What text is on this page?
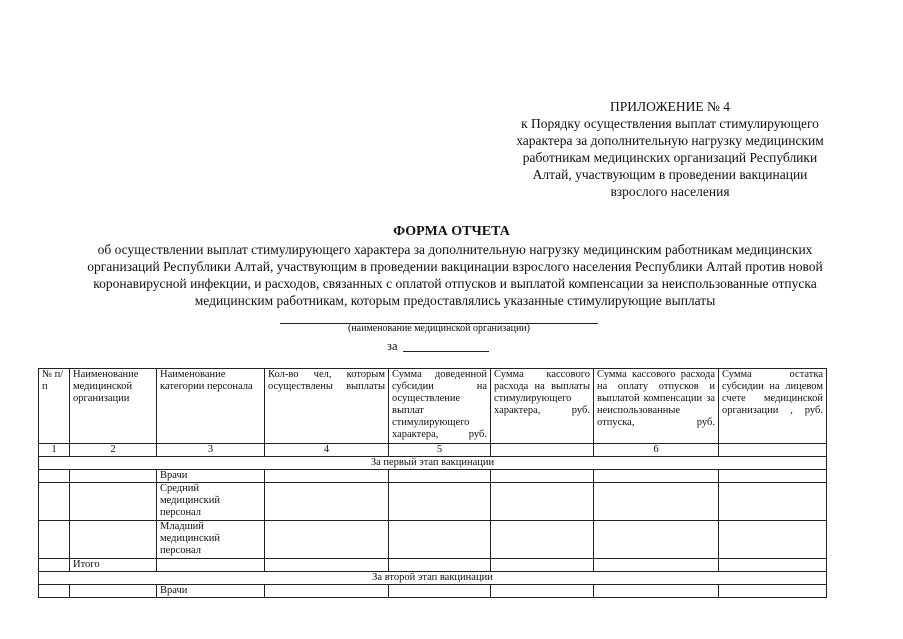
ПРИЛОЖЕНИЕ № 4
к Порядку осуществления выплат стимулирующего
характера за дополнительную нагрузку медицинским
работникам медицинских организаций Республики
Алтай, участвующим в проведении вакцинации
взрослого населения
ФОРМА ОТЧЕТА
об осуществлении выплат стимулирующего характера за дополнительную нагрузку медицинским работникам медицинских
организаций Республики Алтай, участвующим в проведении вакцинации взрослого населения Республики Алтай против новой
коронавирусной инфекции, и расходов, связанных с оплатой отпусков и выплатой компенсации за неиспользованные отпуска
медицинским работникам, которым предоставлялись указанные стимулирующие выплаты
(наименование медицинской организации)
за
№ п/п	Наименование медицинской организации	Наименование категории персонала	Кол-во чел, которым осуществлены выплаты	Сумма доведенной субсидии на осуществление выплат стимулирующего характера, руб.	Сумма кассового расхода на выплаты стимулирующего характера, руб.	Сумма кассового расхода на оплату отпусков и выплатой компенсации за неиспользованные отпуска, руб.	Сумма остатка субсидии на лицевом счете медицинской организации , руб.
1	2	3	4	5		6	
За первый этап вакцинации							
		Врачи					
		Средний медицинский персонал					
		Младший медицинский персонал					
	Итого						
За второй этап вакцинации							
		Врачи					
